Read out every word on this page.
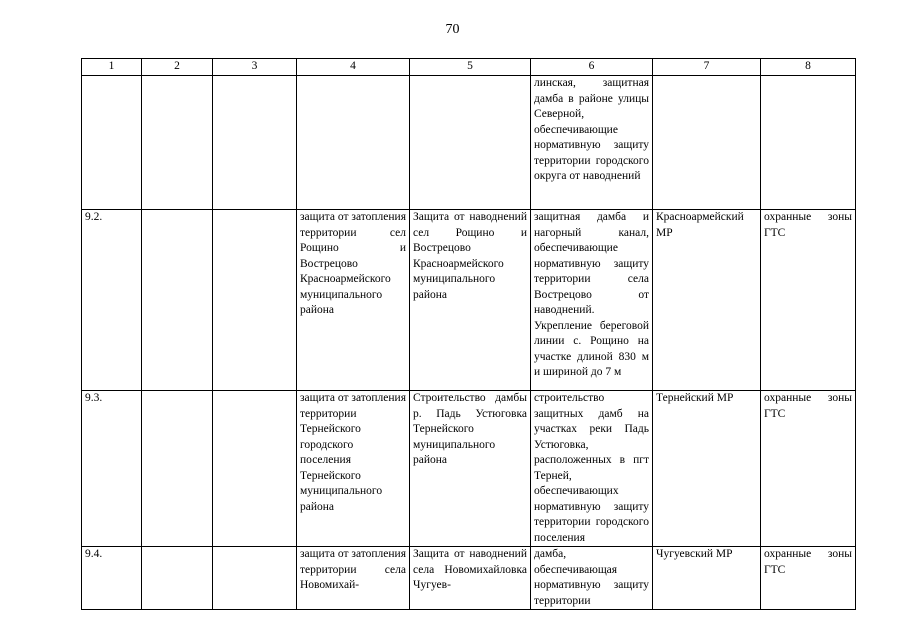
70
1	2	3	4	5	6	7	8
					линская, защитная дамба в районе улицы Северной, обеспечивающие нормативную защиту территории городского округа от наводнений		
9.2.			защита от затопления территории сел Рощино и Вострецово Красноармейского муниципального района	Защита от наводнений сел Рощино и Вострецово Красноармейского муниципального района	защитная дамба и нагорный канал, обеспечивающие нормативную защиту территории села Вострецово от наводнений. Укрепление береговой линии с. Рощино на участке длиной 830 м и шириной до 7 м	Красноармейский МР	охранные зоны ГТС
9.3.			защита от затопления территории Тернейского городского поселения Тернейского муниципального района	Строительство дамбы р. Падь Устюговка Тернейского муниципального района	строительство защитных дамб на участках реки Падь Устюговка, расположенных в пгт Терней, обеспечивающих нормативную защиту территории городского поселения	Тернейский МР	охранные зоны ГТС
9.4.			защита от затопления территории села Новомихай-	Защита от наводнений села Новомихайловка Чугуев-	дамба, обеспечивающая нормативную защиту территории	Чугуевский МР	охранные зоны ГТС
